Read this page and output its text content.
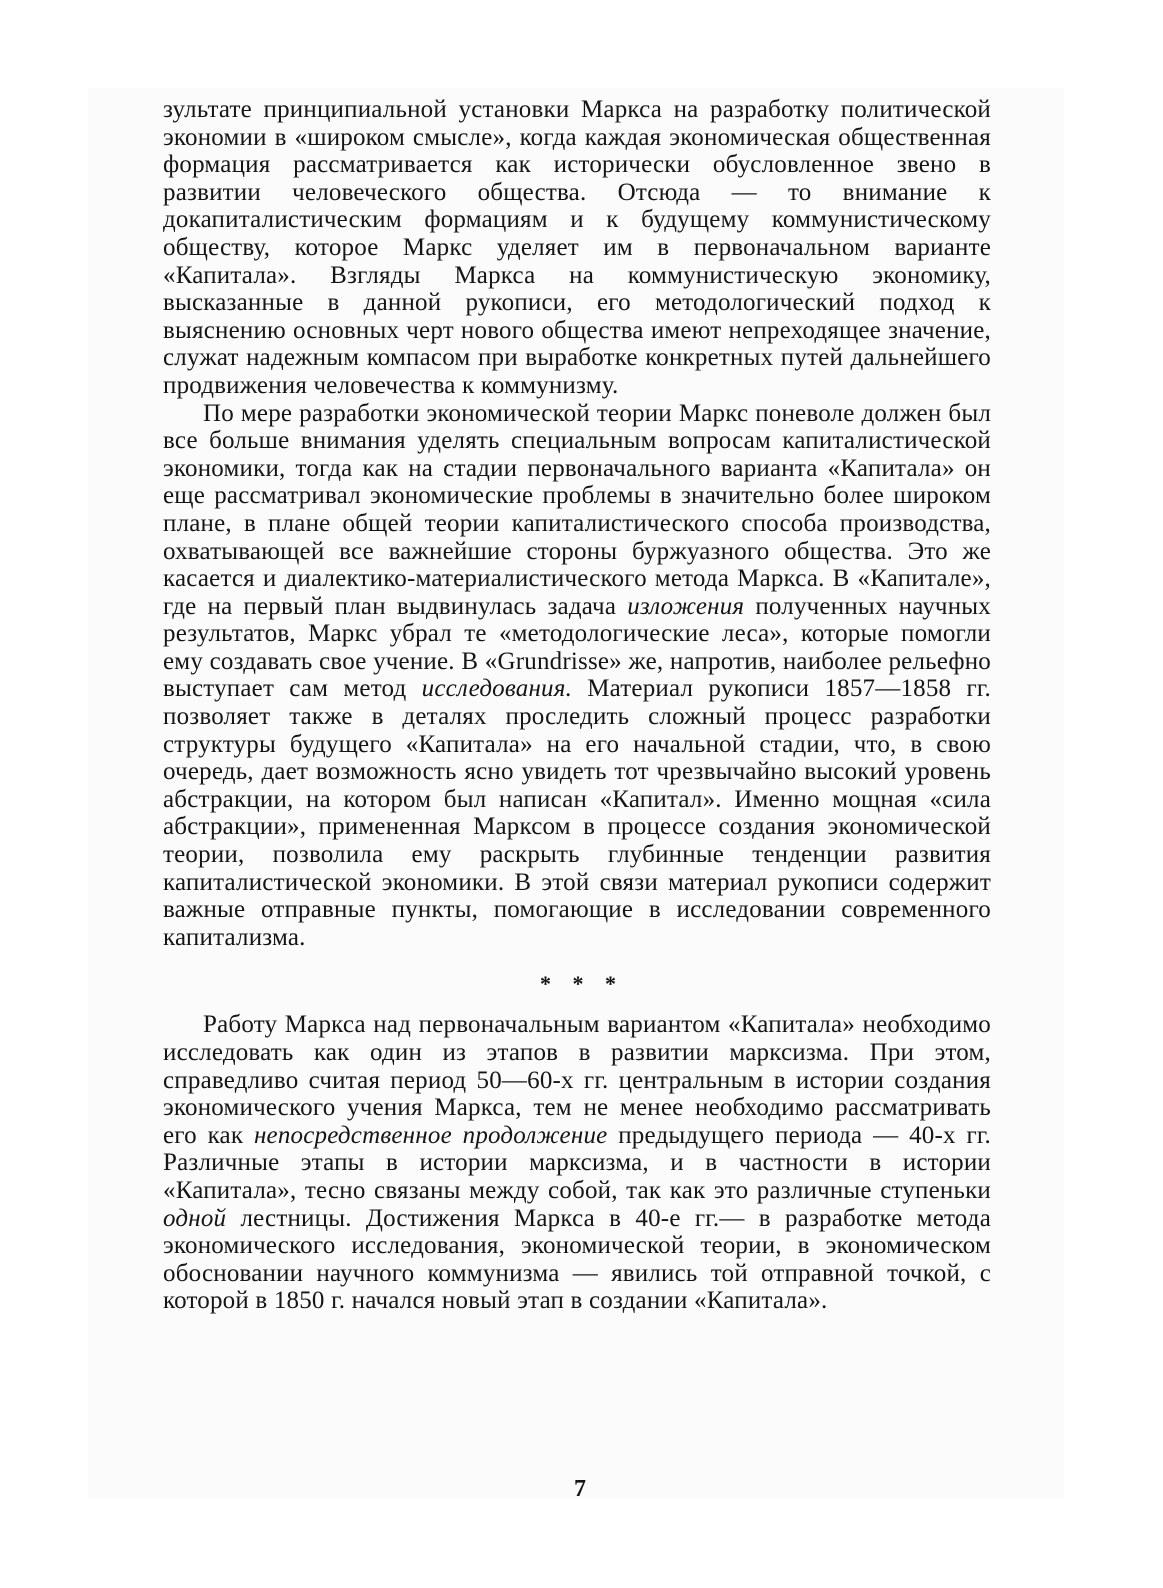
зультате принципиальной установки Маркса на разработку политической экономии в «широком смысле», когда каждая экономическая общественная формация рассматривается как исторически обусловленное звено в развитии человеческого общества. Отсюда — то внимание к докапиталистическим формациям и к будущему коммунистическому обществу, которое Маркс уделяет им в первоначальном варианте «Капитала». Взгляды Маркса на коммунистическую экономику, высказанные в данной рукописи, его методологический подход к выяснению основных черт нового общества имеют непреходящее значение, служат надежным компасом при выработке конкретных путей дальнейшего продвижения человечества к коммунизму.

По мере разработки экономической теории Маркс поневоле должен был все больше внимания уделять специальным вопросам капиталистической экономики, тогда как на стадии первоначального варианта «Капитала» он еще рассматривал экономические проблемы в значительно более широком плане, в плане общей теории капиталистического способа производства, охватывающей все важнейшие стороны буржуазного общества. Это же касается и диалектико-материалистического метода Маркса. В «Капитале», где на первый план выдвинулась задача изложения полученных научных результатов, Маркс убрал те «методологические леса», которые помогли ему создавать свое учение. В «Grundrisse» же, напротив, наиболее рельефно выступает сам метод исследования. Материал рукописи 1857—1858 гг. позволяет также в деталях проследить сложный процесс разработки структуры будущего «Капитала» на его начальной стадии, что, в свою очередь, дает возможность ясно увидеть тот чрезвычайно высокий уровень абстракции, на котором был написан «Капитал». Именно мощная «сила абстракции», примененная Марксом в процессе создания экономической теории, позволила ему раскрыть глубинные тенденции развития капиталистической экономики. В этой связи материал рукописи содержит важные отправные пункты, помогающие в исследовании современного капитализма.

* * *

Работу Маркса над первоначальным вариантом «Капитала» необходимо исследовать как один из этапов в развитии марксизма. При этом, справедливо считая период 50—60-х гг. центральным в истории создания экономического учения Маркса, тем не менее необходимо рассматривать его как непосредственное продолжение предыдущего периода — 40-х гг. Различные этапы в истории марксизма, и в частности в истории «Капитала», тесно связаны между собой, так как это различные ступеньки одной лестницы. Достижения Маркса в 40-е гг.— в разработке метода экономического исследования, экономической теории, в экономическом обосновании научного коммунизма — явились той отправной точкой, с которой в 1850 г. начался новый этап в создании «Капитала».

7
